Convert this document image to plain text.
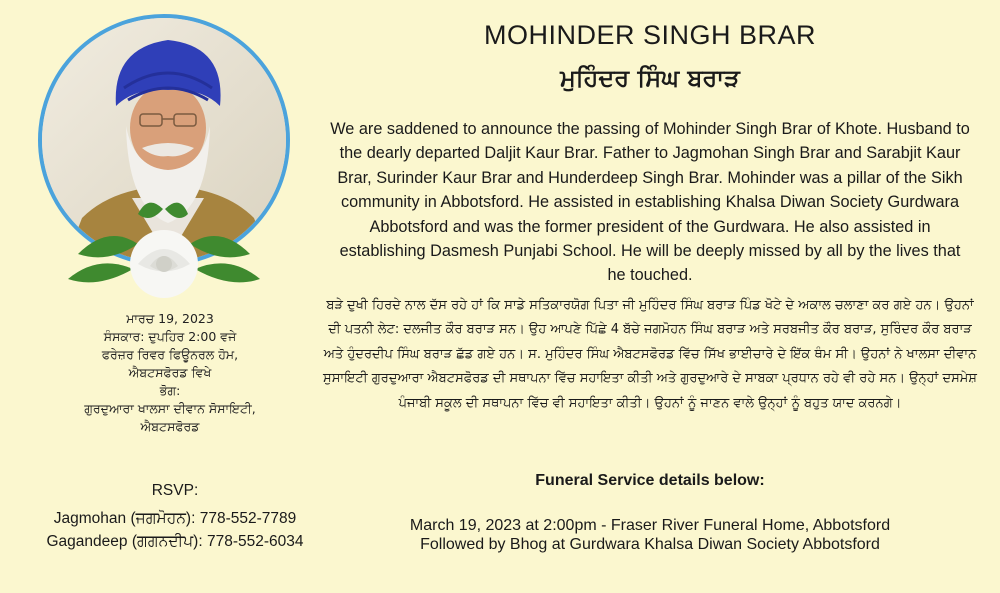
ਮਾਰਚ 19, 2023
ਸੰਸਕਾਰ: ਦੁਪਹਿਰ 2:00 ਵਜੇ
ਫਰੇਜ਼ਰ ਰਿਵਰ ਫਿਊਨਰਲ ਹੋਮ,
ਐਬਟਸਫੋਰਡ ਵਿਖੇ
ਭੋਗ:
ਗੁਰਦੁਆਰਾ ਖਾਲਸਾ ਦੀਵਾਨ ਸੋਸਾਇਟੀ,
ਐਬਟਸਫੋਰਡ
RSVP:
Jagmohan (ਜਗਮੋਹਨ): 778-552-7789
Gagandeep (ਗਗਨਦੀਪ): 778-552-6034
MOHINDER SINGH BRAR
ਮੁਹਿੰਦਰ ਸਿੰਘ ਬਰਾੜ
We are saddened to announce the passing of Mohinder Singh Brar of Khote. Husband to the dearly departed Daljit Kaur Brar. Father to Jagmohan Singh Brar and Sarabjit Kaur Brar, Surinder Kaur Brar and Hunderdeep Singh Brar. Mohinder was a pillar of the Sikh community in Abbotsford. He assisted in establishing Khalsa Diwan Society Gurdwara Abbotsford and was the former president of the Gurdwara. He also assisted in establishing Dasmesh Punjabi School. He will be deeply missed by all by the lives that he touched.
ਬੜੇ ਦੁਖੀ ਹਿਰਦੇ ਨਾਲ ਦੱਸ ਰਹੇ ਹਾਂ ਕਿ ਸਾਡੇ ਸਤਿਕਾਰਯੋਗ ਪਿਤਾ ਜੀ ਮੁਹਿੰਦਰ ਸਿੰਘ ਬਰਾੜ ਪਿੰਡ ਖੋਟੇ ਦੇ ਅਕਾਲ ਚਲਾਣਾ ਕਰ ਗਏ ਹਨ। ਉਹਨਾਂ ਦੀ ਪਤਨੀ ਲੇਟ: ਦਲਜੀਤ ਕੌਰ ਬਰਾੜ ਸਨ। ਉਹ ਆਪਣੇ ਪਿੱਛੇ 4 ਬੱਚੇ ਜਗਮੋਹਨ ਸਿੰਘ ਬਰਾੜ ਅਤੇ ਸਰਬਜੀਤ ਕੌਰ ਬਰਾੜ, ਸੁਰਿੰਦਰ ਕੌਰ ਬਰਾੜ ਅਤੇ ਹੁੰਦਰਦੀਪ ਸਿੰਘ ਬਰਾੜ ਛੱਡ ਗਏ ਹਨ। ਸ. ਮੁਹਿੰਦਰ ਸਿੰਘ ਐਬਟਸਫੋਰਡ ਵਿੱਚ ਸਿੱਖ ਭਾਈਚਾਰੇ ਦੇ ਇੱਕ ਥੰਮ ਸੀ। ਉਹਨਾਂ ਨੇ ਖਾਲਸਾ ਦੀਵਾਨ ਸੁਸਾਇਟੀ ਗੁਰਦੁਆਰਾ ਐਬਟਸਫੋਰਡ ਦੀ ਸਥਾਪਨਾ ਵਿੱਚ ਸਹਾਇਤਾ ਕੀਤੀ ਅਤੇ ਗੁਰਦੁਆਰੇ ਦੇ ਸਾਬਕਾ ਪ੍ਰਧਾਨ ਰਹੇ ਵੀ ਰਹੇ ਸਨ। ਉਨ੍ਹਾਂ ਦਸਮੇਸ਼ ਪੰਜਾਬੀ ਸਕੂਲ ਦੀ ਸਥਾਪਨਾ ਵਿੱਚ ਵੀ ਸਹਾਇਤਾ ਕੀਤੀ। ਉਹਨਾਂ ਨੂੰ ਜਾਣਨ ਵਾਲੇ ਉਨ੍ਹਾਂ ਨੂੰ ਬਹੁਤ ਯਾਦ ਕਰਨਗੇ।
Funeral Service details below:
March 19, 2023 at 2:00pm - Fraser River Funeral Home, Abbotsford
Followed by Bhog at Gurdwara Khalsa Diwan Society Abbotsford
